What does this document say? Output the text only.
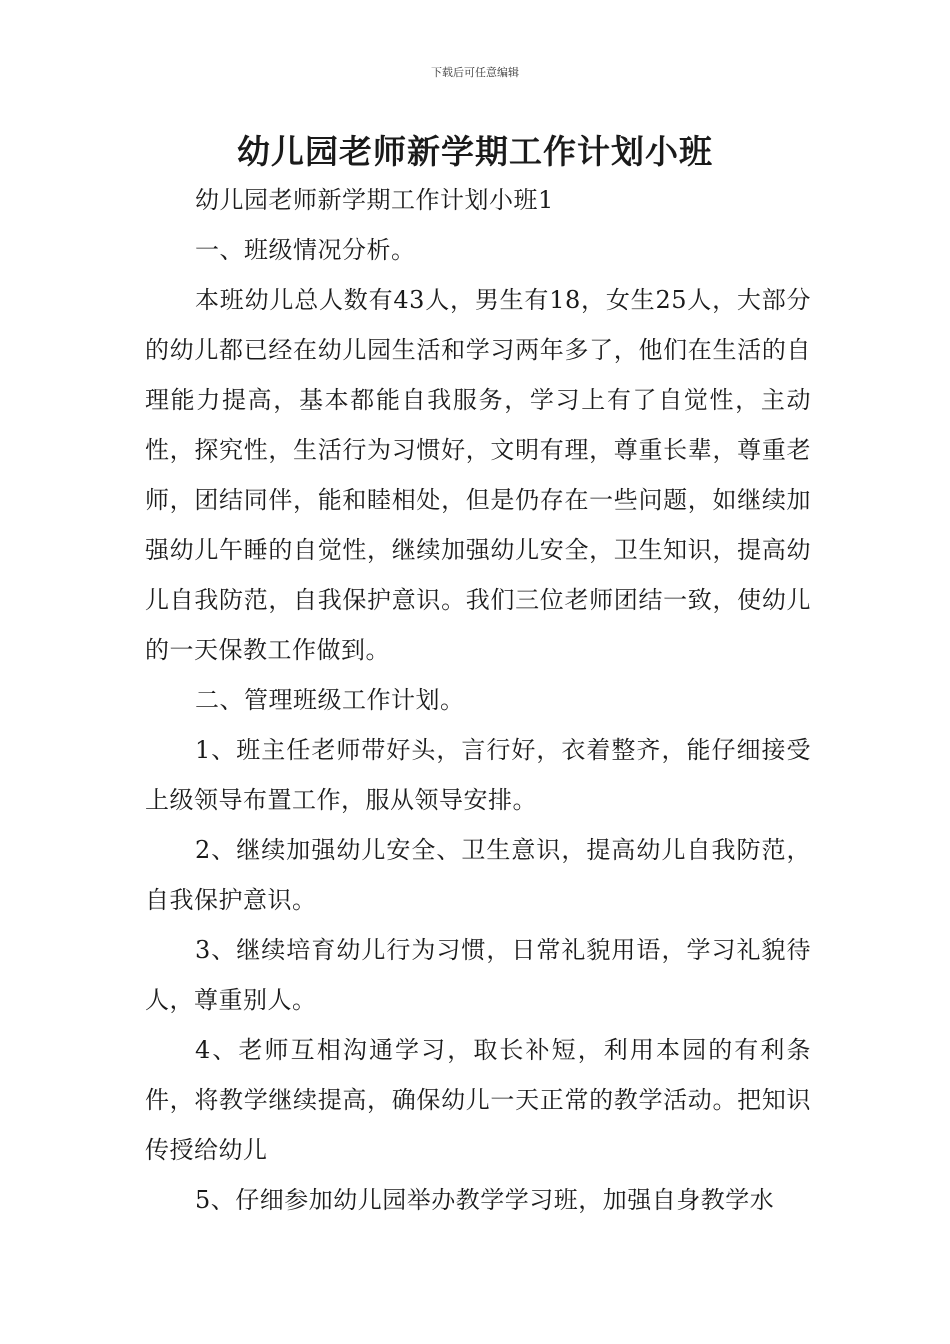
下载后可任意编辑
幼儿园老师新学期工作计划小班

幼儿园老师新学期工作计划小班1

一、班级情况分析。

本班幼儿总人数有43人，男生有18，女生25人，大部分的幼儿都已经在幼儿园生活和学习两年多了，他们在生活的自理能力提高，基本都能自我服务，学习上有了自觉性，主动性，探究性，生活行为习惯好，文明有理，尊重长辈，尊重老师，团结同伴，能和睦相处，但是仍存在一些问题，如继续加强幼儿午睡的自觉性，继续加强幼儿安全，卫生知识，提高幼儿自我防范，自我保护意识。我们三位老师团结一致，使幼儿的一天保教工作做到。

二、管理班级工作计划。

1、班主任老师带好头，言行好，衣着整齐，能仔细接受上级领导布置工作，服从领导安排。

2、继续加强幼儿安全、卫生意识，提高幼儿自我防范，自我保护意识。

3、继续培育幼儿行为习惯，日常礼貌用语，学习礼貌待人，尊重别人。

4、老师互相沟通学习，取长补短，利用本园的有利条件，将教学继续提高，确保幼儿一天正常的教学活动。把知识传授给幼儿

5、仔细参加幼儿园举办教学学习班，加强自身教学水
